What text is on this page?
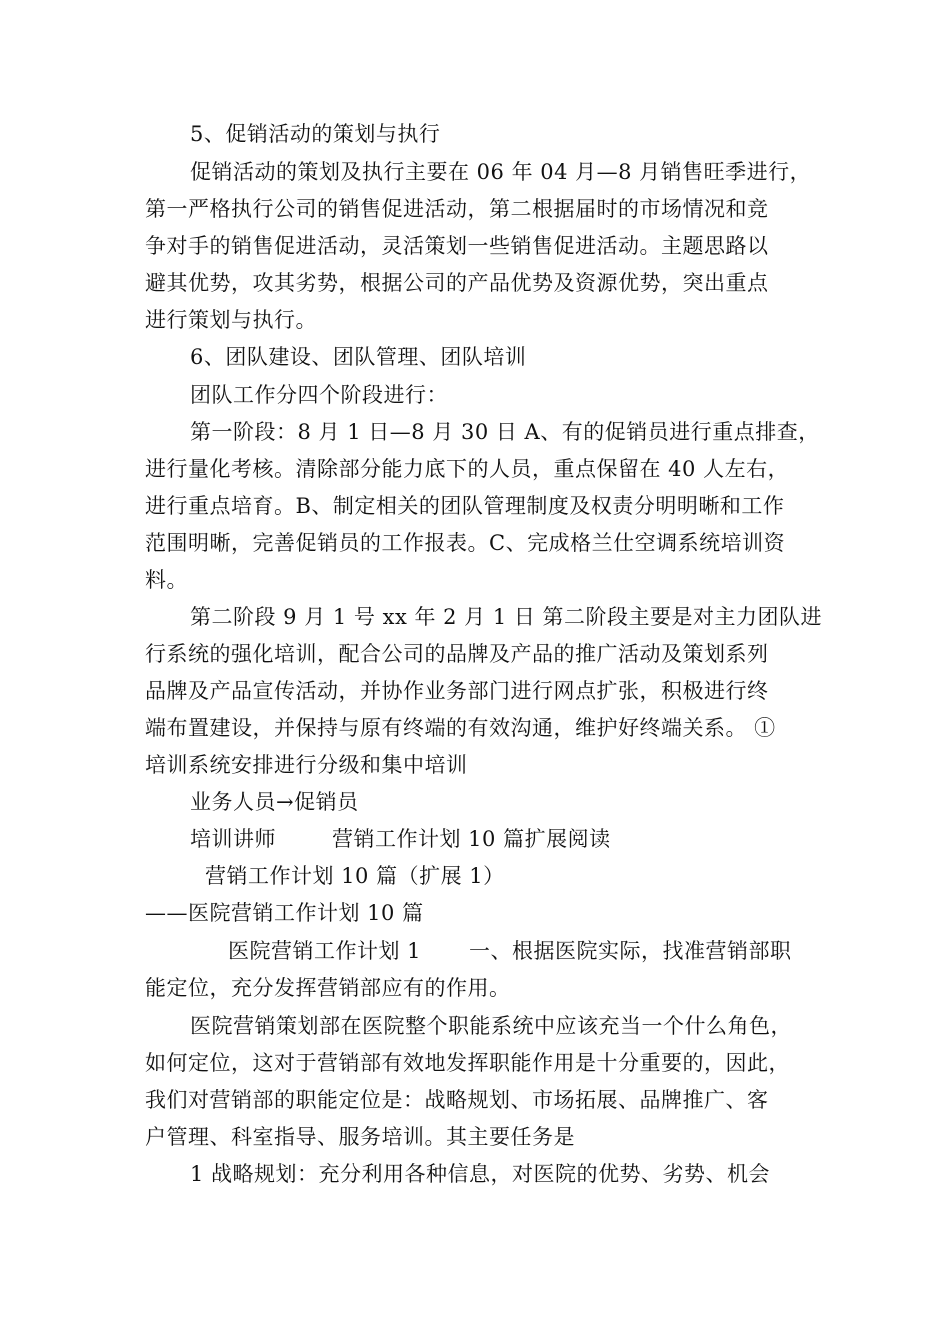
5、促销活动的策划与执行
促销活动的策划及执行主要在 06 年 04 月—8 月销售旺季进行，
第一严格执行公司的销售促进活动，第二根据届时的市场情况和竞
争对手的销售促进活动，灵活策划一些销售促进活动。主题思路以
避其优势，攻其劣势，根据公司的产品优势及资源优势，突出重点
进行策划与执行。
6、团队建设、团队管理、团队培训
团队工作分四个阶段进行：
第一阶段：8 月 1 日—8 月 30 日 A、有的促销员进行重点排查，
进行量化考核。清除部分能力底下的人员，重点保留在 40 人左右，
进行重点培育。B、制定相关的团队管理制度及权责分明明晰和工作
范围明晰，完善促销员的工作报表。C、完成格兰仕空调系统培训资
料。
第二阶段 9 月 1 号 xx 年 2 月 1 日 第二阶段主要是对主力团队进
行系统的强化培训，配合公司的品牌及产品的推广活动及策划系列
品牌及产品宣传活动，并协作业务部门进行网点扩张，积极进行终
端布置建设，并保持与原有终端的有效沟通，维护好终端关系。 ①
培训系统安排进行分级和集中培训
业务人员→促销员
培训讲师	营销工作计划 10 篇扩展阅读
营销工作计划 10 篇（扩展 1）
——医院营销工作计划 10 篇
医院营销工作计划 1 一、根据医院实际，找准营销部职
能定位，充分发挥营销部应有的作用。
医院营销策划部在医院整个职能系统中应该充当一个什么角色，
如何定位，这对于营销部有效地发挥职能作用是十分重要的，因此，
我们对营销部的职能定位是：战略规划、市场拓展、品牌推广、客
户管理、科室指导、服务培训。其主要任务是
1 战略规划：充分利用各种信息，对医院的优势、劣势、机会
